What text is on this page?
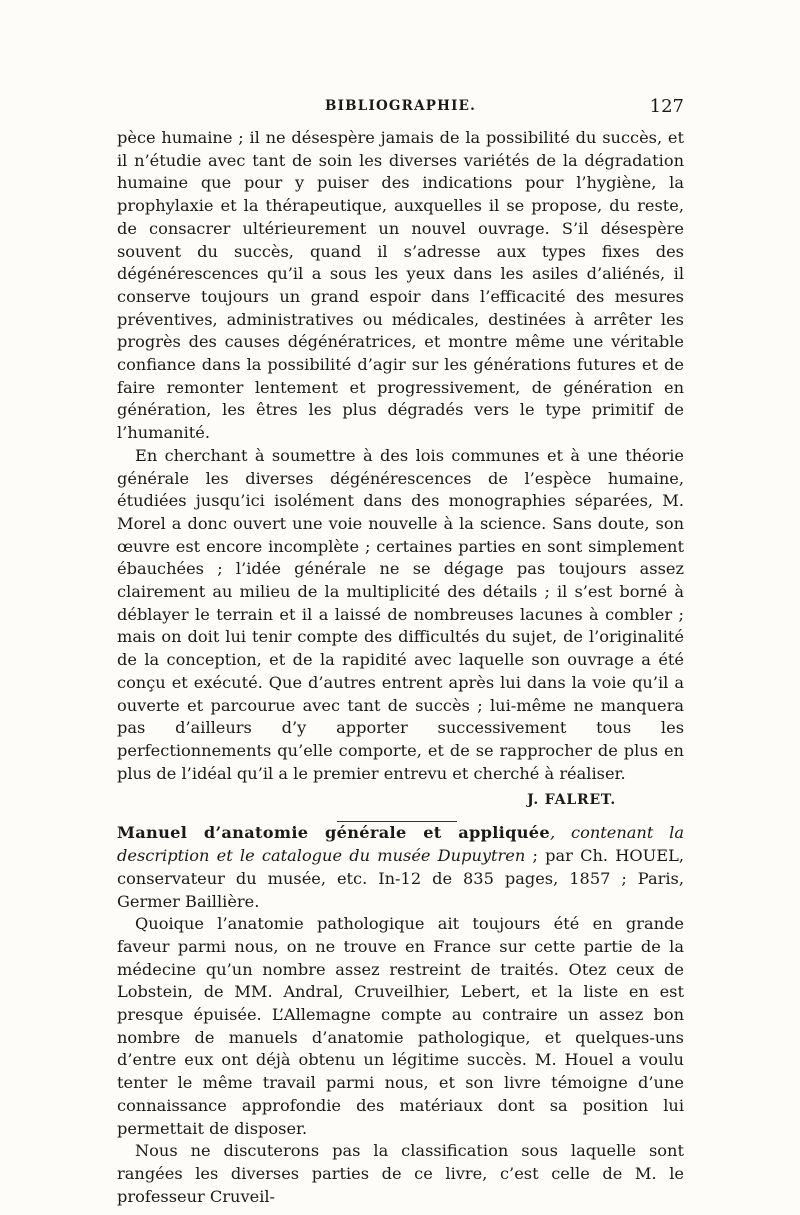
BIBLIOGRAPHIE.	127

pèce humaine ; il ne désespère jamais de la possibilité du succès, et il n’étudie avec tant de soin les diverses variétés de la dégradation humaine que pour y puiser des indications pour l’hygiène, la prophylaxie et la thérapeutique, auxquelles il se propose, du reste, de consacrer ultérieurement un nouvel ouvrage. S’il désespère souvent du succès, quand il s’adresse aux types fixes des dégénérescences qu’il a sous les yeux dans les asiles d’aliénés, il conserve toujours un grand espoir dans l’efficacité des mesures préventives, administratives ou médicales, destinées à arrêter les progrès des causes dégénératrices, et montre même une véritable confiance dans la possibilité d’agir sur les générations futures et de faire remonter lentement et progressivement, de génération en génération, les êtres les plus dégradés vers le type primitif de l’humanité.

En cherchant à soumettre à des lois communes et à une théorie générale les diverses dégénérescences de l’espèce humaine, étudiées jusqu’ici isolément dans des monographies séparées, M. Morel a donc ouvert une voie nouvelle à la science. Sans doute, son œuvre est encore incomplète ; certaines parties en sont simplement ébauchées ; l’idée générale ne se dégage pas toujours assez clairement au milieu de la multiplicité des détails ; il s’est borné à déblayer le terrain et il a laissé de nombreuses lacunes à combler ; mais on doit lui tenir compte des difficultés du sujet, de l’originalité de la conception, et de la rapidité avec laquelle son ouvrage a été conçu et exécuté. Que d’autres entrent après lui dans la voie qu’il a ouverte et parcourue avec tant de succès ; lui-même ne manquera pas d’ailleurs d’y apporter successivement tous les perfectionnements qu’elle comporte, et de se rapprocher de plus en plus de l’idéal qu’il a le premier entrevu et cherché à réaliser.

J. FALRET.

Manuel d’anatomie générale et appliquée, contenant la description et le catalogue du musée Dupuytren ; par Ch. HOUEL, conservateur du musée, etc. In-12 de 835 pages, 1857 ; Paris, Germer Baillière.

Quoique l’anatomie pathologique ait toujours été en grande faveur parmi nous, on ne trouve en France sur cette partie de la médecine qu’un nombre assez restreint de traités. Otez ceux de Lobstein, de MM. Andral, Cruveilhier, Lebert, et la liste en est presque épuisée. L’Allemagne compte au contraire un assez bon nombre de manuels d’anatomie pathologique, et quelques-uns d’entre eux ont déjà obtenu un légitime succès. M. Houel a voulu tenter le même travail parmi nous, et son livre témoigne d’une connaissance approfondie des matériaux dont sa position lui permettait de disposer.

Nous ne discuterons pas la classification sous laquelle sont rangées les diverses parties de ce livre, c’est celle de M. le professeur Cruveil-
